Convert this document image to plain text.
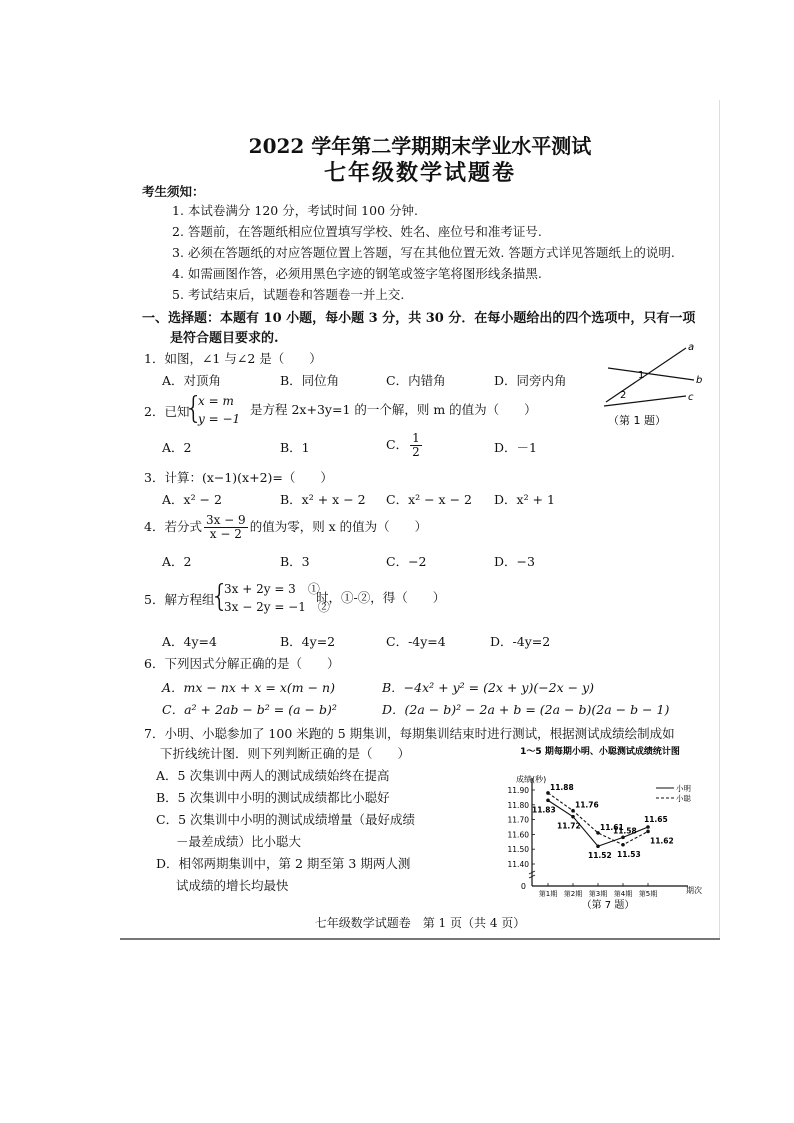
2022 学年第二学期期末学业水平测试
七年级数学试题卷
考生须知：
1. 本试卷满分 120 分，考试时间 100 分钟.
2. 答题前，在答题纸相应位置填写学校、姓名、座位号和准考证号.
3. 必须在答题纸的对应答题位置上答题，写在其他位置无效. 答题方式详见答题纸上的说明.
4. 如需画图作答，必须用黑色字迹的钢笔或签字笔将图形线条描黑.
5. 考试结束后，试题卷和答题卷一并上交.
一、选择题：本题有 10 小题，每小题 3 分，共 30 分．在每小题给出的四个选项中，只有一项
是符合题目要求的.
1．如图，∠1 与∠2 是（　　）
A．对顶角	B．同位角	C．内错角	D．同旁内角
a
b
c
1
2
（第 1 题）
2．已知
{
x = m
y = −1
是方程 2x+3y=1 的一个解，则 m 的值为（　　）
A．2	B．1	C． $\frac{1}{2}$	D．－1
3．计算：(x−1)(x+2)=（　　）
A．x² − 2	B．x² + x − 2 C．x² − x − 2 D．x² + 1
4．若分式 $\frac{3x - 9}{x - 2}$ 的值为零，则 x 的值为（　　）
A．2	B．3	C．−2	D．−3
5．解方程组
{
3x + 2y = 3　①
3x − 2y = −1　②
时，①-②，得（　　）
A．4y=4	B．4y=2	C．-4y=4	D．-4y=2
6．下列因式分解正确的是（　　）
A．mx − nx + x = x(m − n)	B．−4x² + y² = (2x + y)(−2x − y)
C．a² + 2ab − b² = (a − b)²	D．(2a − b)² − 2a + b = (2a − b)(2a − b − 1)
7．小明、小聪参加了 100 米跑的 5 期集训，每期集训结束时进行测试，根据测试成绩绘制成如
下折线统计图．则下列判断正确的是（　　）
A．5 次集训中两人的测试成绩始终在提高
B．5 次集训中小明的测试成绩都比小聪好
C．5 次集训中小明的测试成绩增量（最好成绩
－最差成绩）比小聪大
D．相邻两期集训中，第 2 期至第 3 期两人测
试成绩的增长均最快
1～5 期每期小明、小聪测试成绩统计图
成绩(秒)
期次
0
11.40
11.50
11.60
11.70
11.80
11.90
第1期 第2期 第3期 第4期 第5期
11.83
11.72
11.52
11.58
11.65
11.88
11.76
11.61
11.53
11.62
小明
小聪
（第 7 题）
七年级数学试题卷　第 1 页（共 4 页）
